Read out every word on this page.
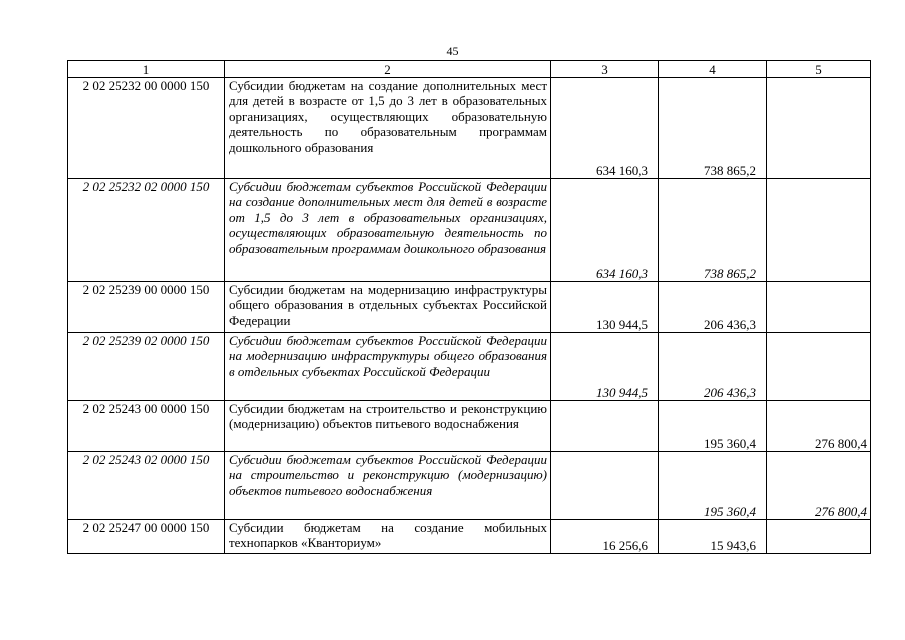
45
1	2	3	4	5
2 02 25232 00 0000 150	Субсидии бюджетам на создание дополнительных мест для детей в возрасте от 1,5 до 3 лет в образовательных организациях, осуществляющих образовательную деятельность по образовательным программам дошкольного образования	634 160,3	738 865,2	
2 02 25232 02 0000 150	Субсидии бюджетам субъектов Российской Федерации на создание дополнительных мест для детей в возрасте от 1,5 до 3 лет в образовательных организациях, осуществляющих образовательную деятельность по образовательным программам дошкольного образования	634 160,3	738 865,2	
2 02 25239 00 0000 150	Субсидии бюджетам на модернизацию инфраструктуры общего образования в отдельных субъектах Российской Федерации	130 944,5	206 436,3	
2 02 25239 02 0000 150	Субсидии бюджетам субъектов Российской Федерации на модернизацию инфраструктуры общего образования в отдельных субъектах Российской Федерации	130 944,5	206 436,3	
2 02 25243 00 0000 150	Субсидии бюджетам на строительство и реконструкцию (модернизацию) объектов питьевого водоснабжения		195 360,4	276 800,4
2 02 25243 02 0000 150	Субсидии бюджетам субъектов Российской Федерации на строительство и реконструкцию (модернизацию) объектов питьевого водоснабжения		195 360,4	276 800,4
2 02 25247 00 0000 150	Субсидии бюджетам на создание мобильных технопарков «Кванториум»	16 256,6	15 943,6	
